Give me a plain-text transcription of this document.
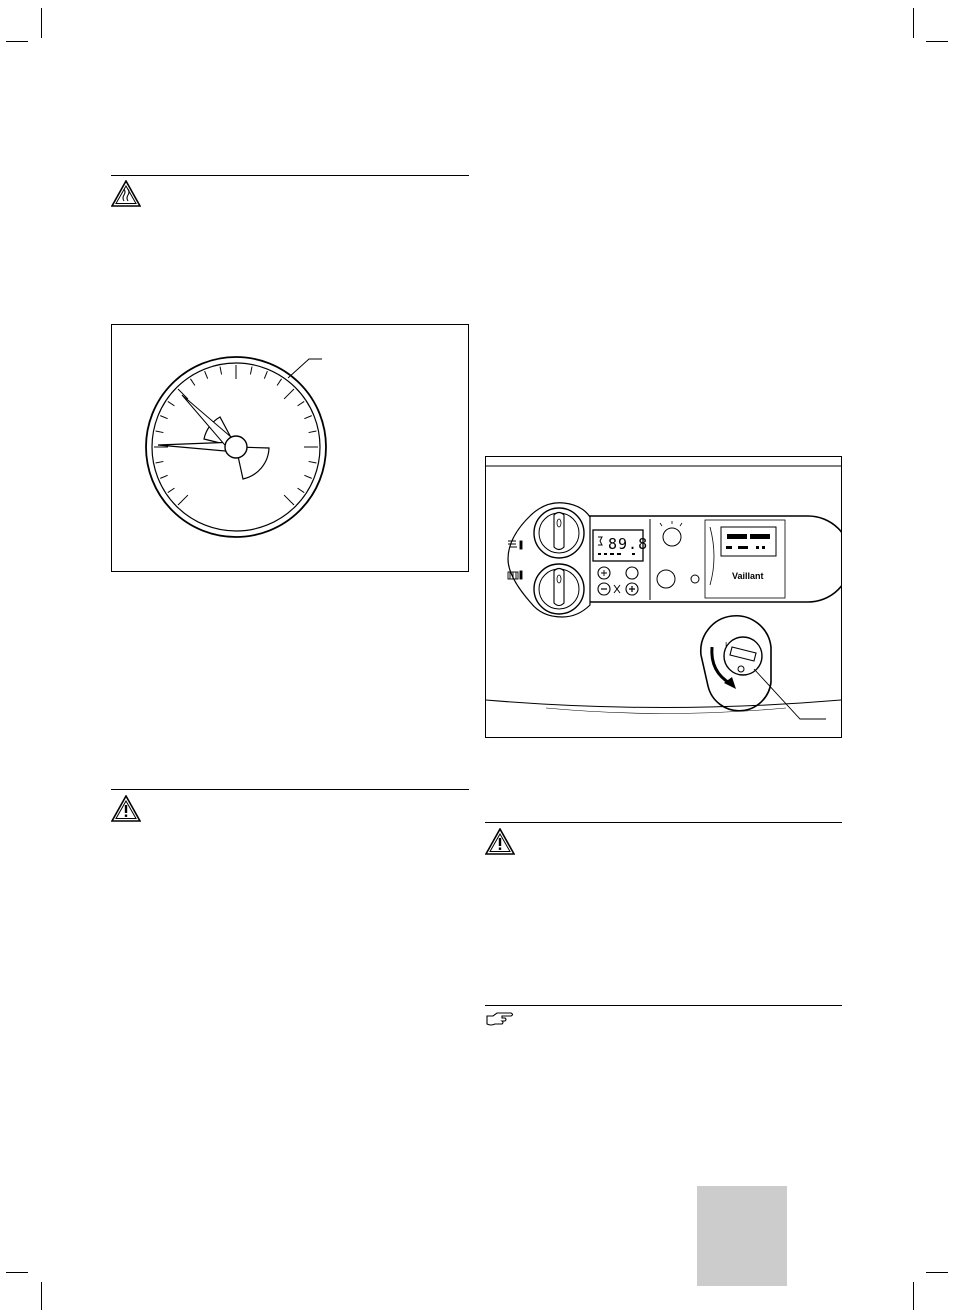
89.8
Vaillant
I
